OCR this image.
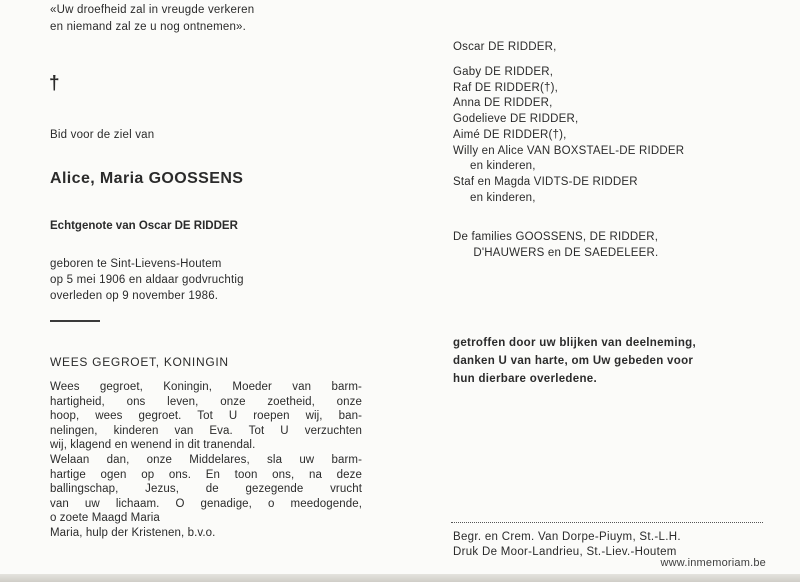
«Uw droefheid zal in vreugde verkeren
en niemand zal ze u nog ontnemen».
†
Bid voor de ziel van
Alice, Maria GOOSSENS
Echtgenote van Oscar DE RIDDER
geboren te Sint-Lievens-Houtem
op 5 mei 1906 en aldaar godvruchtig
overleden op 9 november 1986.
WEES GEGROET, KONINGIN
Wees gegroet, Koningin, Moeder van barm-
hartigheid, ons leven, onze zoetheid, onze
hoop, wees gegroet. Tot U roepen wij, ban-
nelingen, kinderen van Eva. Tot U verzuchten
wij, klagend en wenend in dit tranendal.
Welaan dan, onze Middelares, sla uw barm-
hartige ogen op ons. En toon ons, na deze
ballingschap, Jezus, de gezegende vrucht
van uw lichaam. O genadige, o meedogende,
o zoete Maagd Maria
Maria, hulp der Kristenen, b.v.o.
Oscar DE RIDDER,
Gaby DE RIDDER,
Raf DE RIDDER(†),
Anna DE RIDDER,
Godelieve DE RIDDER,
Aimé DE RIDDER(†),
Willy en Alice VAN BOXSTAEL-DE RIDDER
en kinderen,
Staf en Magda VIDTS-DE RIDDER
en kinderen,
De families GOOSSENS, DE RIDDER,
D'HAUWERS en DE SAEDELEER.
getroffen door uw blijken van deelneming,
danken U van harte, om Uw gebeden voor
hun dierbare overledene.
Begr. en Crem. Van Dorpe-Piuym, St.-L.H.
Druk De Moor-Landrieu, St.-Liev.-Houtem
www.inmemoriam.be
